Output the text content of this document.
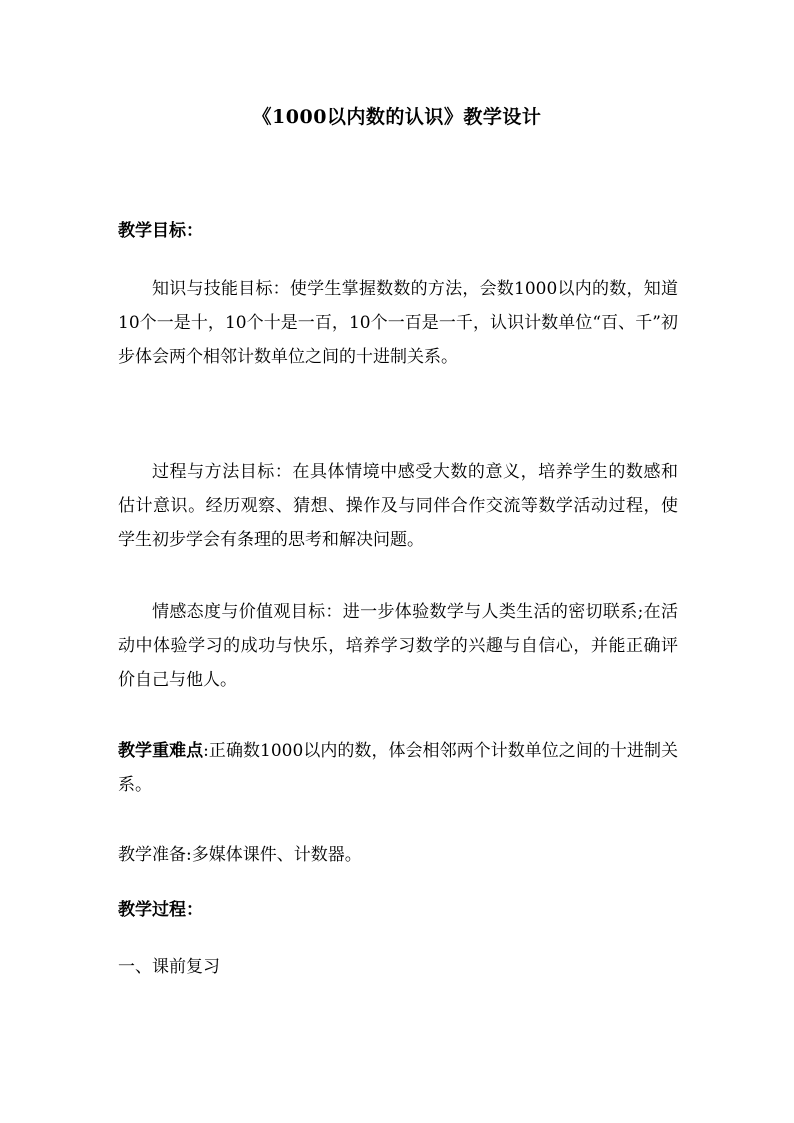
《1000以内数的认识》教学设计

教学目标：

知识与技能目标：使学生掌握数数的方法，会数1000以内的数，知道10个一是十，10个十是一百，10个一百是一千，认识计数单位“百、千”初步体会两个相邻计数单位之间的十进制关系。

过程与方法目标：在具体情境中感受大数的意义，培养学生的数感和估计意识。经历观察、猜想、操作及与同伴合作交流等数学活动过程，使学生初步学会有条理的思考和解决问题。

情感态度与价值观目标：进一步体验数学与人类生活的密切联系;在活动中体验学习的成功与快乐，培养学习数学的兴趣与自信心，并能正确评价自己与他人。

教学重难点:正确数1000以内的数，体会相邻两个计数单位之间的十进制关系。

教学准备:多媒体课件、计数器。

教学过程：

一、课前复习
